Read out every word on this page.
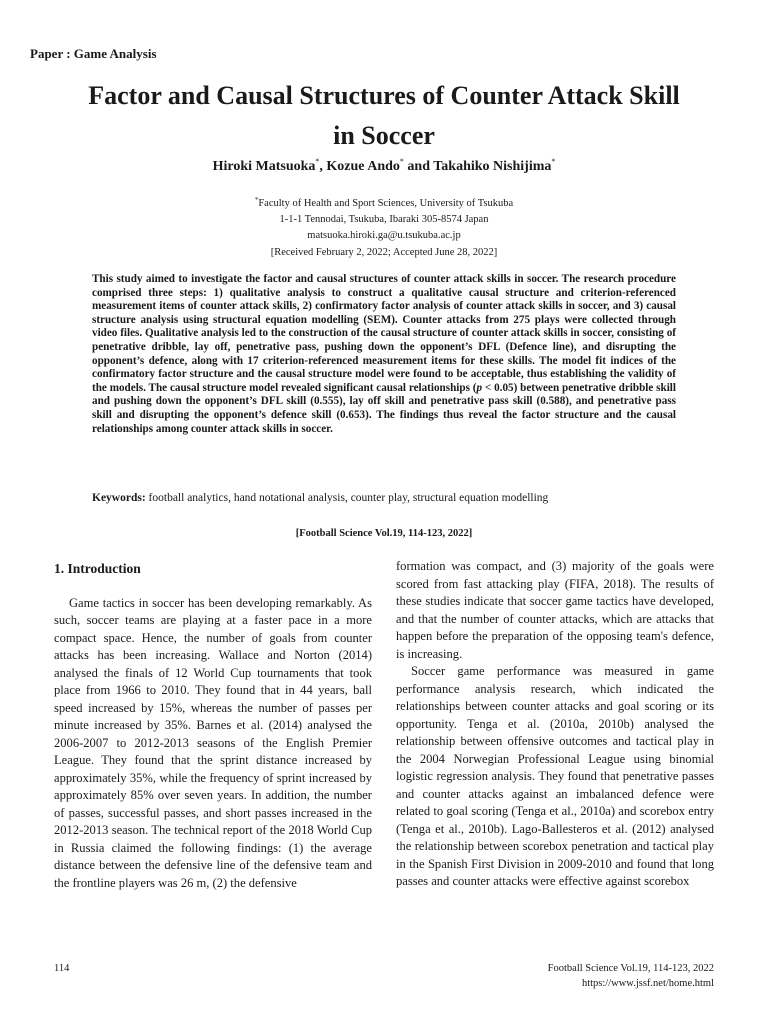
Paper : Game Analysis
Factor and Causal Structures of Counter Attack Skill
in Soccer
Hiroki Matsuoka*, Kozue Ando* and Takahiko Nishijima*
*Faculty of Health and Sport Sciences, University of Tsukuba
1-1-1 Tennodai, Tsukuba, Ibaraki 305-8574 Japan
matsuoka.hiroki.ga@u.tsukuba.ac.jp
[Received February 2, 2022; Accepted June 28, 2022]
This study aimed to investigate the factor and causal structures of counter attack skills in soccer. The research procedure comprised three steps: 1) qualitative analysis to construct a qualitative causal structure and criterion-referenced measurement items of counter attack skills, 2) confirmatory factor analysis of counter attack skills in soccer, and 3) causal structure analysis using structural equation modelling (SEM). Counter attacks from 275 plays were collected through video files. Qualitative analysis led to the construction of the causal structure of counter attack skills in soccer, consisting of penetrative dribble, lay off, penetrative pass, pushing down the opponent’s DFL (Defence line), and disrupting the opponent’s defence, along with 17 criterion-referenced measurement items for these skills. The model fit indices of the confirmatory factor structure and the causal structure model were found to be acceptable, thus establishing the validity of the models. The causal structure model revealed significant causal relationships (p < 0.05) between penetrative dribble skill and pushing down the opponent’s DFL skill (0.555), lay off skill and penetrative pass skill (0.588), and penetrative pass skill and disrupting the opponent’s defence skill (0.653). The findings thus reveal the factor structure and the causal relationships among counter attack skills in soccer.
Keywords: football analytics, hand notational analysis, counter play, structural equation modelling
[Football Science Vol.19, 114-123, 2022]
1. Introduction

Game tactics in soccer has been developing remarkably. As such, soccer teams are playing at a faster pace in a more compact space. Hence, the number of goals from counter attacks has been increasing. Wallace and Norton (2014) analysed the finals of 12 World Cup tournaments that took place from 1966 to 2010. They found that in 44 years, ball speed increased by 15%, whereas the number of passes per minute increased by 35%. Barnes et al. (2014) analysed the 2006-2007 to 2012-2013 seasons of the English Premier League. They found that the sprint distance increased by approximately 35%, while the frequency of sprint increased by approximately 85% over seven years. In addition, the number of passes, successful passes, and short passes increased in the 2012-2013 season. The technical report of the 2018 World Cup in Russia claimed the following findings: (1) the average distance between the defensive line of the defensive team and the frontline players was 26 m, (2) the defensive

formation was compact, and (3) majority of the goals were scored from fast attacking play (FIFA, 2018). The results of these studies indicate that soccer game tactics have developed, and that the number of counter attacks, which are attacks that happen before the preparation of the opposing team's defence, is increasing.

Soccer game performance was measured in game performance analysis research, which indicated the relationships between counter attacks and goal scoring or its opportunity. Tenga et al. (2010a, 2010b) analysed the relationship between offensive outcomes and tactical play in the 2004 Norwegian Professional League using binomial logistic regression analysis. They found that penetrative passes and counter attacks against an imbalanced defence were related to goal scoring (Tenga et al., 2010a) and scorebox entry (Tenga et al., 2010b). Lago-Ballesteros et al. (2012) analysed the relationship between scorebox penetration and tactical play in the Spanish First Division in 2009-2010 and found that long passes and counter attacks were effective against scorebox

114	Football Science Vol.19, 114-123, 2022
https://www.jssf.net/home.html
